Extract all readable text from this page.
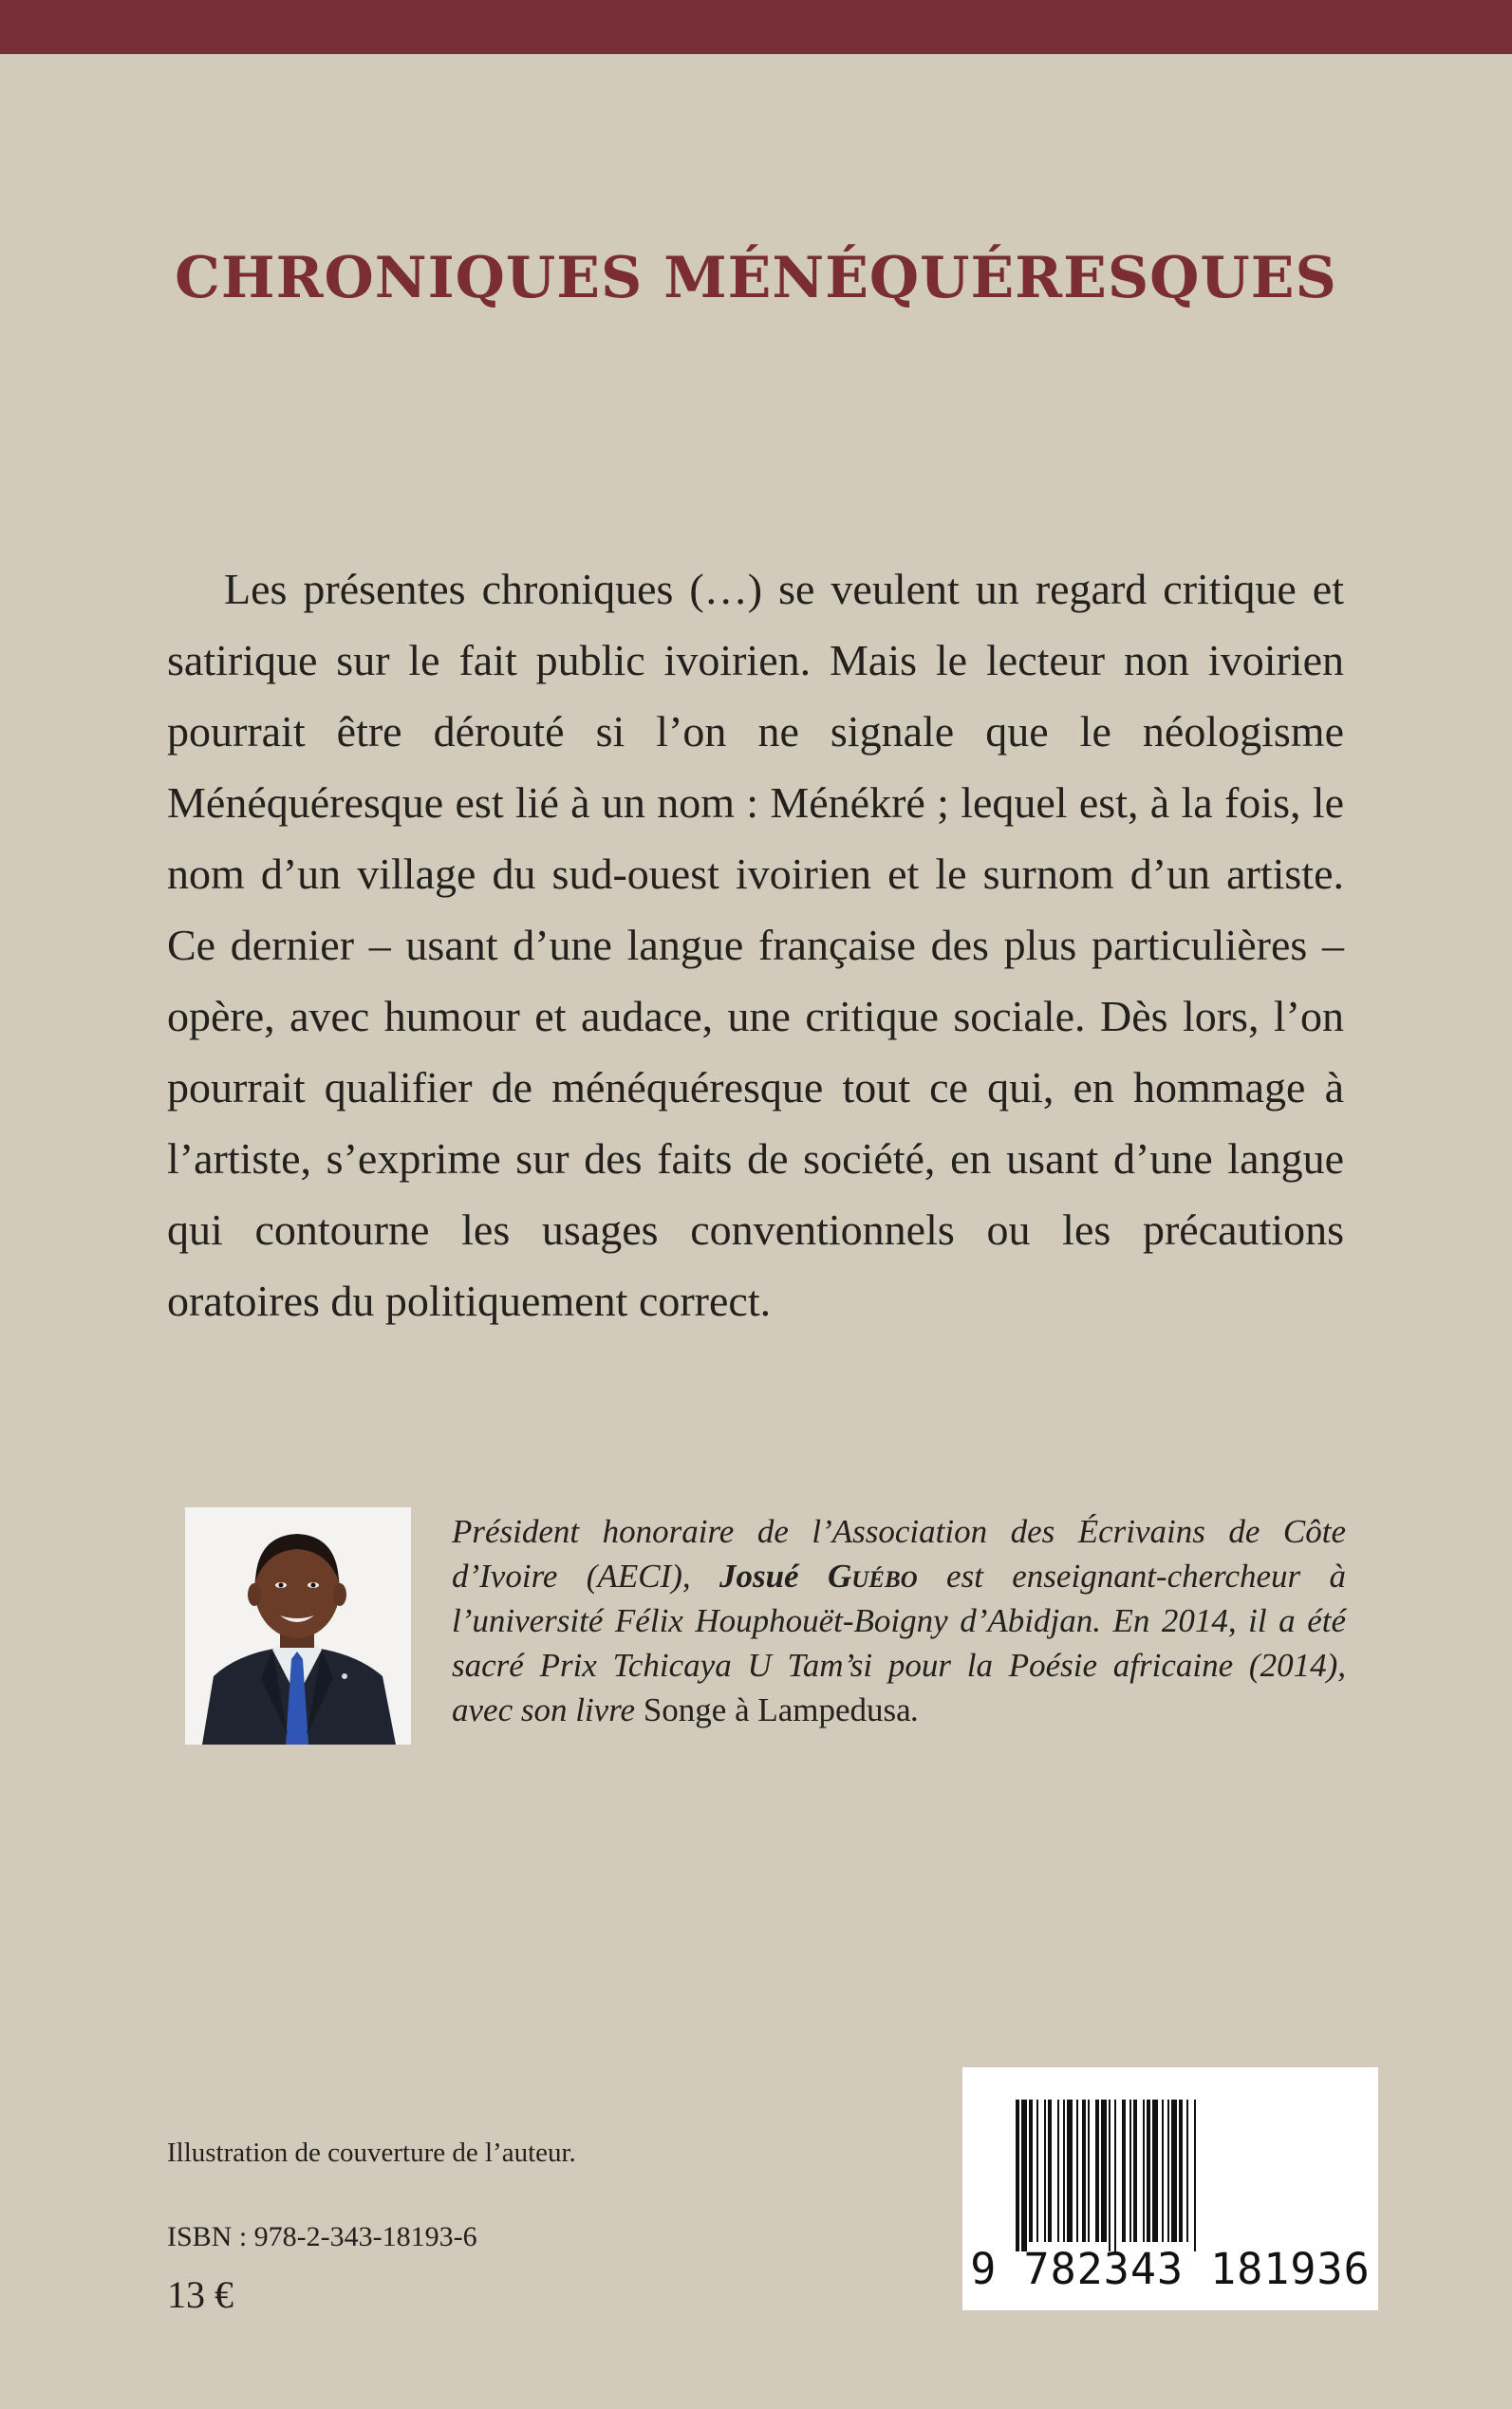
CHRONIQUES MÉNÉQUÉRESQUES

Les présentes chroniques (…) se veulent un regard critique et satirique sur le fait public ivoirien. Mais le lecteur non ivoirien pourrait être dérouté si l’on ne signale que le néologisme Ménéquéresque est lié à un nom : Ménékré ; lequel est, à la fois, le nom d’un village du sud-ouest ivoirien et le surnom d’un artiste. Ce dernier – usant d’une langue française des plus particulières – opère, avec humour et audace, une critique sociale. Dès lors, l’on pourrait qualifier de ménéquéresque tout ce qui, en hommage à l’artiste, s’exprime sur des faits de société, en usant d’une langue qui contourne les usages conventionnels ou les précautions oratoires du politiquement correct.

Président honoraire de l’Association des Écrivains de Côte d’Ivoire (AECI), Josué Guébo est enseignant-chercheur à l’université Félix Houphouët-Boigny d’Abidjan. En 2014, il a été sacré Prix Tchicaya U Tam’si pour la Poésie africaine (2014), avec son livre Songe à Lampedusa.

Illustration de couverture de l’auteur.

ISBN : 978-2-343-18193-6

13 €

9 782343 181936
